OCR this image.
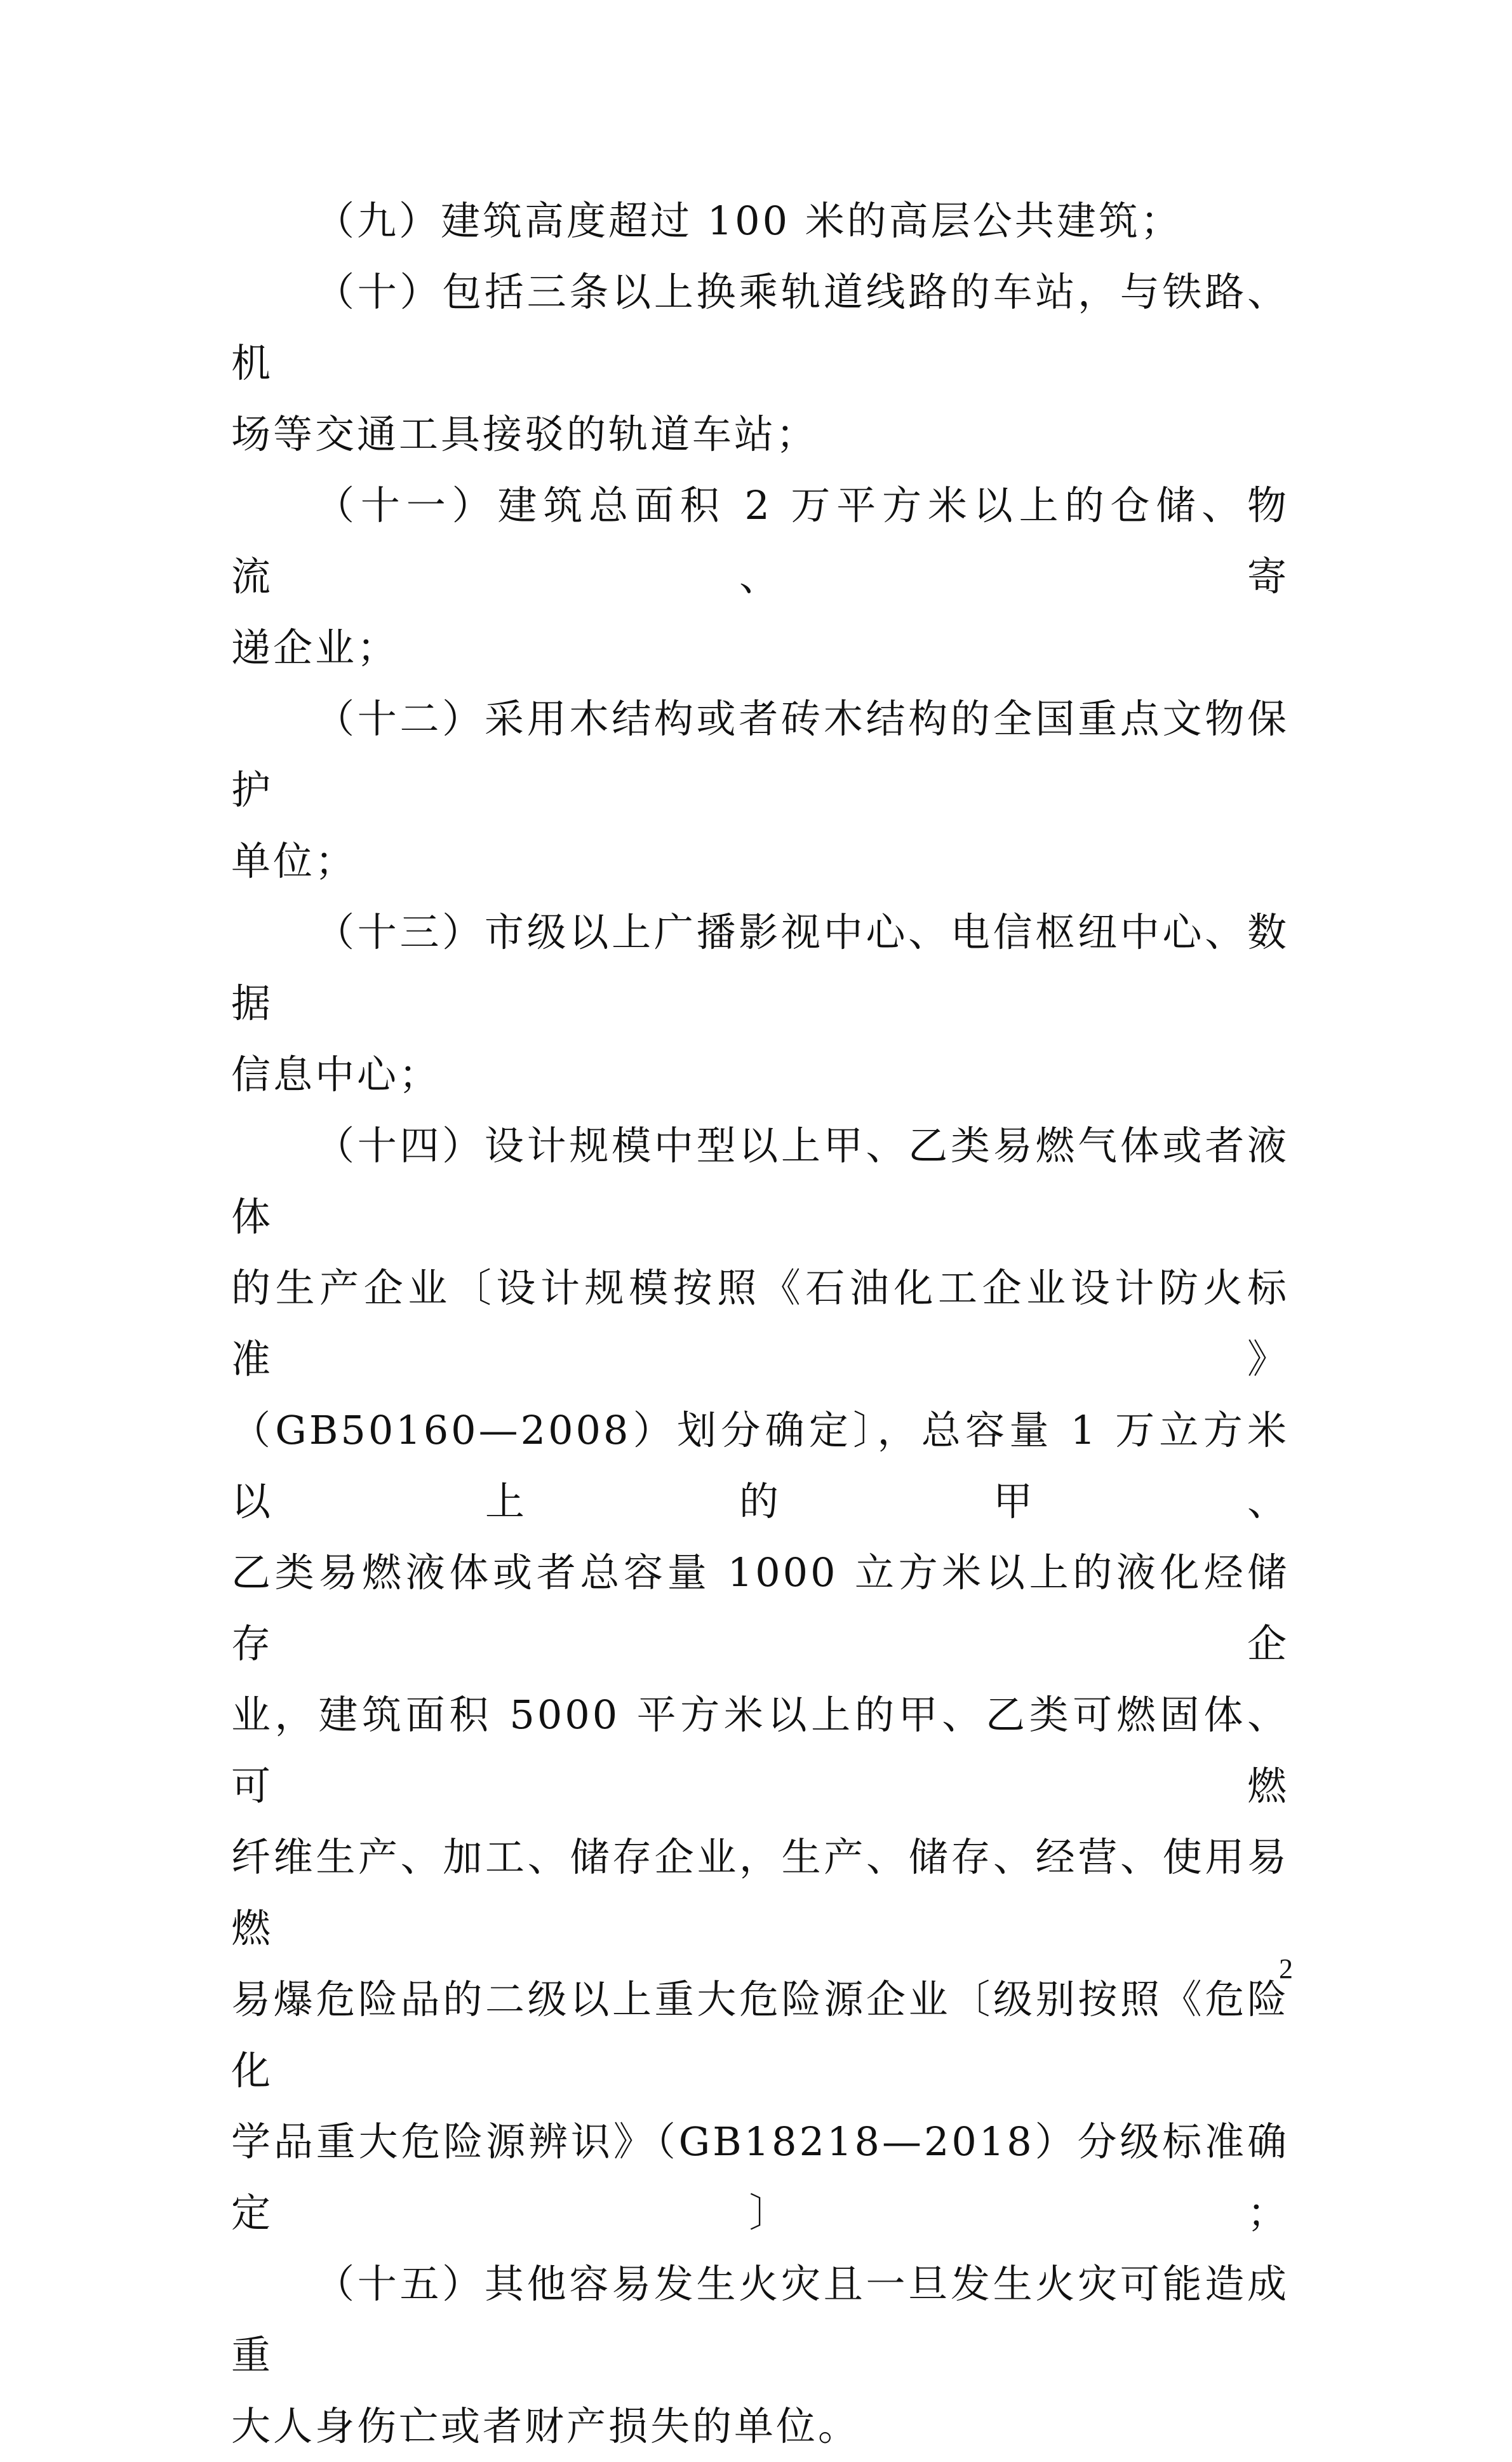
（九）建筑高度超过 100 米的高层公共建筑；

（十）包括三条以上换乘轨道线路的车站，与铁路、机
场等交通工具接驳的轨道车站；

（十一）建筑总面积 2 万平方米以上的仓储、物流、寄
递企业；

（十二）采用木结构或者砖木结构的全国重点文物保护
单位；

（十三）市级以上广播影视中心、电信枢纽中心、数据
信息中心；

（十四）设计规模中型以上甲、乙类易燃气体或者液体
的生产企业〔设计规模按照《石油化工企业设计防火标准》
（GB50160—2008）划分确定〕，总容量 1 万立方米以上的甲、
乙类易燃液体或者总容量 1000 立方米以上的液化烃储存企
业，建筑面积 5000 平方米以上的甲、乙类可燃固体、可燃
纤维生产、加工、储存企业，生产、储存、经营、使用易燃
易爆危险品的二级以上重大危险源企业〔级别按照《危险化
学品重大危险源辨识》（GB18218—2018）分级标准确定〕；

（十五）其他容易发生火灾且一旦发生火灾可能造成重
大人身伤亡或者财产损失的单位。

2
